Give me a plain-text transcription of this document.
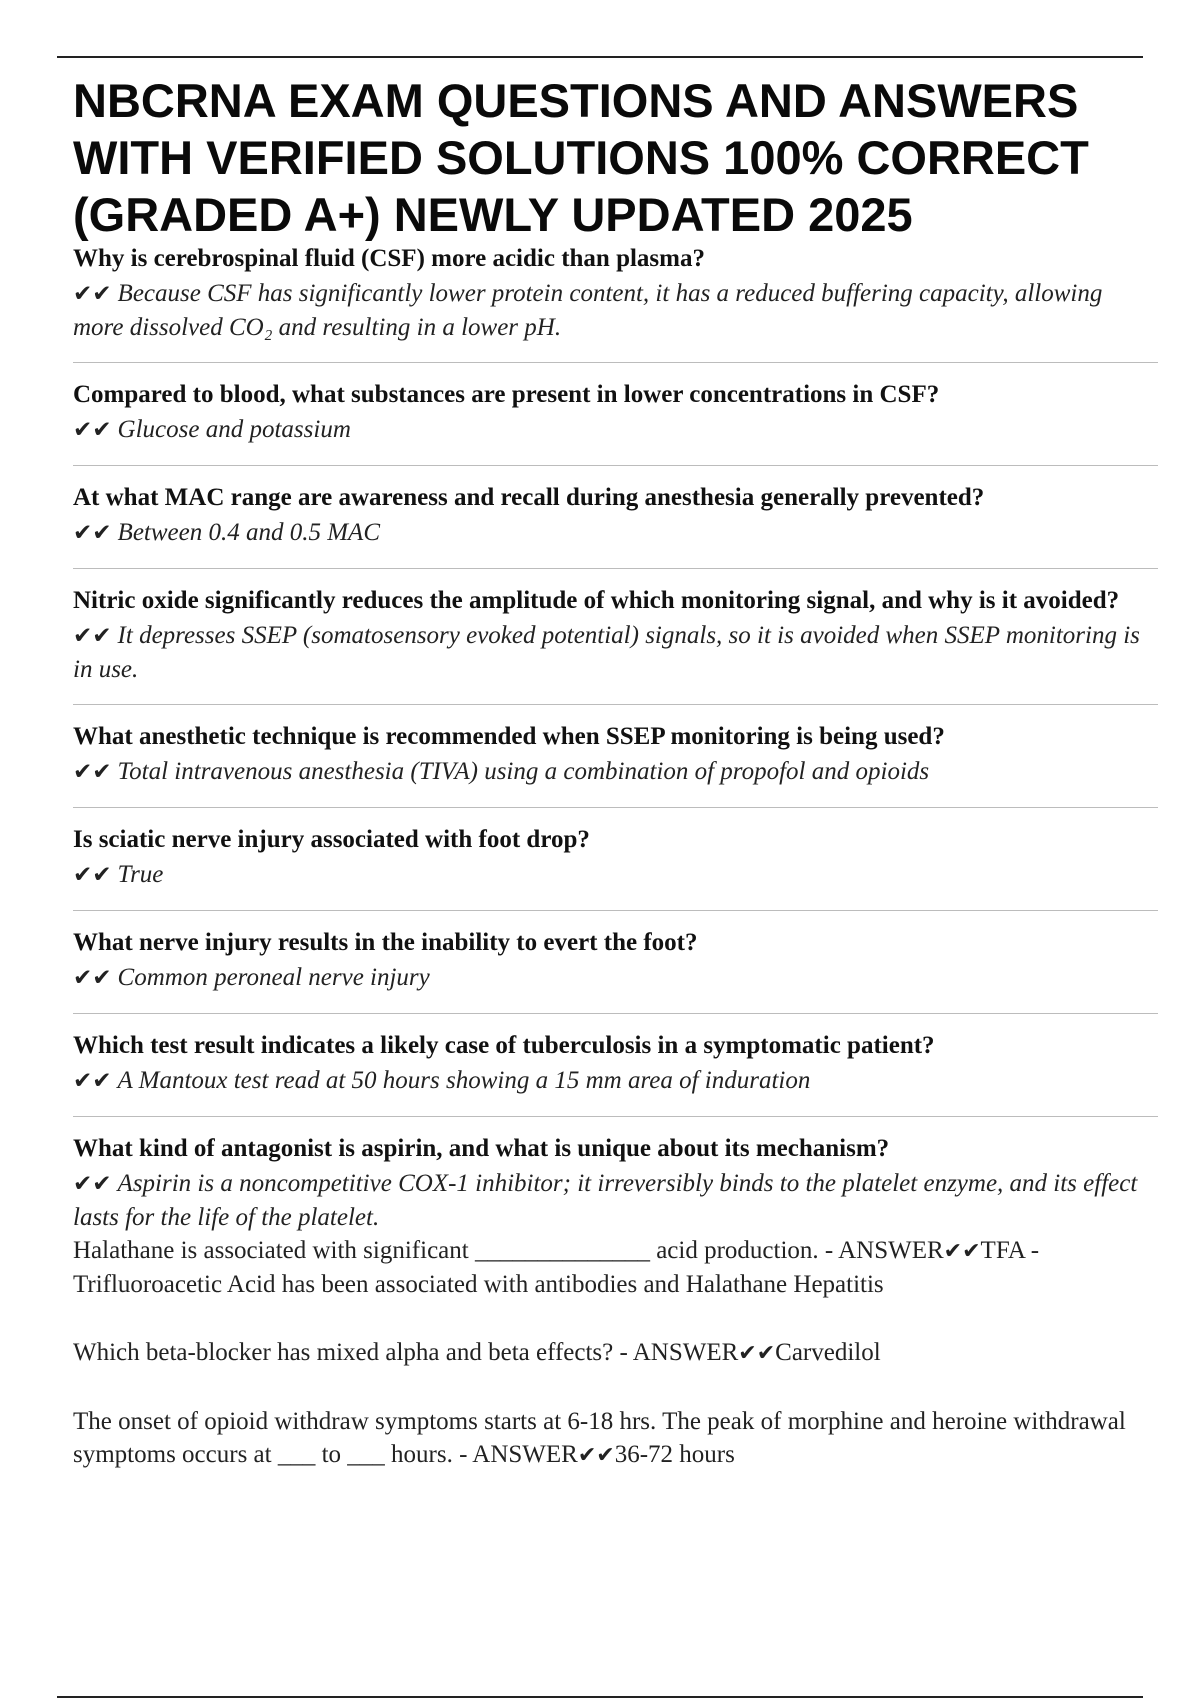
NBCRNA EXAM QUESTIONS AND ANSWERS WITH VERIFIED SOLUTIONS 100% CORRECT (GRADED A+) NEWLY UPDATED 2025

Why is cerebrospinal fluid (CSF) more acidic than plasma?

✔✔ Because CSF has significantly lower protein content, it has a reduced buffering capacity, allowing more dissolved CO₂ and resulting in a lower pH.

Compared to blood, what substances are present in lower concentrations in CSF?

✔✔ Glucose and potassium

At what MAC range are awareness and recall during anesthesia generally prevented?

✔✔ Between 0.4 and 0.5 MAC

Nitric oxide significantly reduces the amplitude of which monitoring signal, and why is it avoided?

✔✔ It depresses SSEP (somatosensory evoked potential) signals, so it is avoided when SSEP monitoring is in use.

What anesthetic technique is recommended when SSEP monitoring is being used?

✔✔ Total intravenous anesthesia (TIVA) using a combination of propofol and opioids

Is sciatic nerve injury associated with foot drop?

✔✔ True

What nerve injury results in the inability to evert the foot?

✔✔ Common peroneal nerve injury

Which test result indicates a likely case of tuberculosis in a symptomatic patient?

✔✔ A Mantoux test read at 50 hours showing a 15 mm area of induration

What kind of antagonist is aspirin, and what is unique about its mechanism?

✔✔ Aspirin is a noncompetitive COX-1 inhibitor; it irreversibly binds to the platelet enzyme, and its effect lasts for the life of the platelet.

Halathane is associated with significant ______________ acid production. - ANSWER✔✔TFA - Trifluoroacetic Acid has been associated with antibodies and Halathane Hepatitis

Which beta-blocker has mixed alpha and beta effects? - ANSWER✔✔Carvedilol

The onset of opioid withdraw symptoms starts at 6-18 hrs. The peak of morphine and heroine withdrawal symptoms occurs at ___ to ___ hours. - ANSWER✔✔36-72 hours
